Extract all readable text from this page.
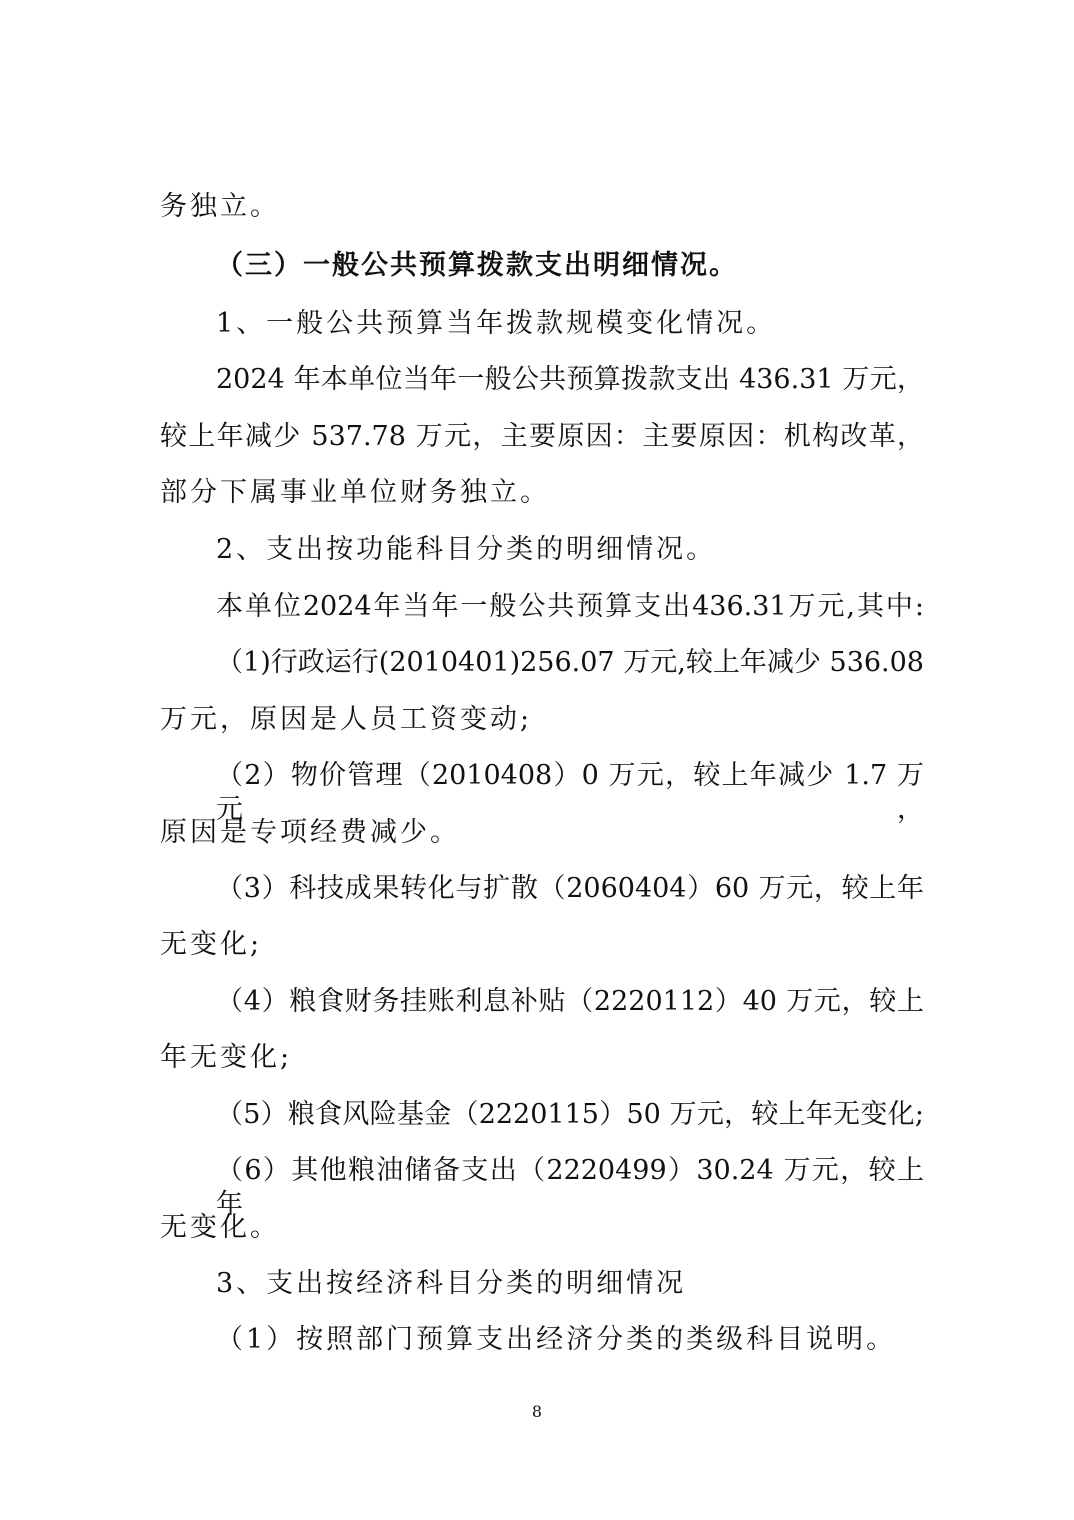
务独立。
（三）一般公共预算拨款支出明细情况。
1、一般公共预算当年拨款规模变化情况。
2024 年本单位当年一般公共预算拨款支出 436.31 万元，
较上年减少 537.78 万元，主要原因：主要原因：机构改革，
部分下属事业单位财务独立。
2、支出按功能科目分类的明细情况。
本单位2024年当年一般公共预算支出436.31万元,其中:
（1)行政运行(2010401)256.07 万元,较上年减少 536.08
万元，原因是人员工资变动;
（2）物价管理（2010408）0 万元，较上年减少 1.7 万元，
原因是专项经费减少。
（3）科技成果转化与扩散（2060404）60 万元，较上年
无变化;
（4）粮食财务挂账利息补贴（2220112）40 万元，较上
年无变化;
（5）粮食风险基金（2220115）50 万元，较上年无变化;
（6）其他粮油储备支出（2220499）30.24 万元，较上年
无变化。
3、支出按经济科目分类的明细情况
（1）按照部门预算支出经济分类的类级科目说明。
8
